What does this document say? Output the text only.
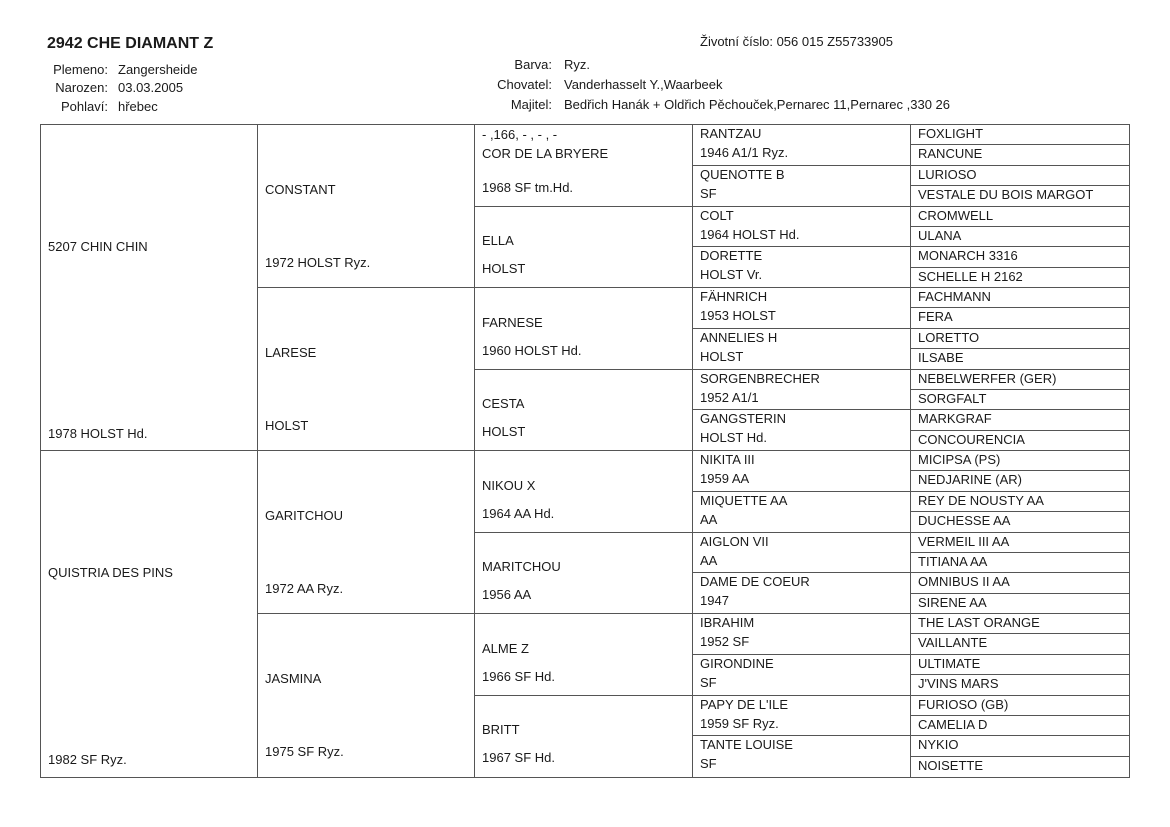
2942 CHE DIAMANT Z	Životní číslo: 056 015 Z55733905
Plemeno: Zangersheide
Narozen: 03.03.2005
Pohlaví: hřebec
Barva: Ryz.
Chovatel: Vanderhasselt Y.,Waarbeek
Majitel: Bedřich Hanák + Oldřich Pěchouček,Pernarec 11,Pernarec ,330 26
5207 CHIN CHIN
1978 HOLST Hd.
QUISTRIA DES PINS
1982 SF Ryz.
CONSTANT
1972 HOLST Ryz.
LARESE
HOLST
GARITCHOU
1972 AA Ryz.
JASMINA
1975 SF Ryz.
- ,166, - , - , -
COR DE LA BRYERE
1968 SF tm.Hd.
ELLA
HOLST
FARNESE
1960 HOLST Hd.
CESTA
HOLST
NIKOU X
1964 AA Hd.
MARITCHOU
1956 AA
ALME Z
1966 SF Hd.
BRITT
1967 SF Hd.
RANTZAU
1946 A1/1 Ryz.
QUENOTTE B
SF
COLT
1964 HOLST Hd.
DORETTE
HOLST Vr.
FÄHNRICH
1953 HOLST
ANNELIES H
HOLST
SORGENBRECHER
1952 A1/1
GANGSTERIN
HOLST Hd.
NIKITA III
1959 AA
MIQUETTE AA
AA
AIGLON VII
AA
DAME DE COEUR
1947
IBRAHIM
1952 SF
GIRONDINE
SF
PAPY DE L'ILE
1959 SF Ryz.
TANTE LOUISE
SF
FOXLIGHT
RANCUNE
LURIOSO
VESTALE DU BOIS MARGOT
CROMWELL
ULANA
MONARCH 3316
SCHELLE H 2162
FACHMANN
FERA
LORETTO
ILSABE
NEBELWERFER (GER)
SORGFALT
MARKGRAF
CONCOURENCIA
MICIPSA (PS)
NEDJARINE (AR)
REY DE NOUSTY AA
DUCHESSE AA
VERMEIL III AA
TITIANA AA
OMNIBUS II AA
SIRENE AA
THE LAST ORANGE
VAILLANTE
ULTIMATE
J'VINS MARS
FURIOSO (GB)
CAMELIA D
NYKIO
NOISETTE
